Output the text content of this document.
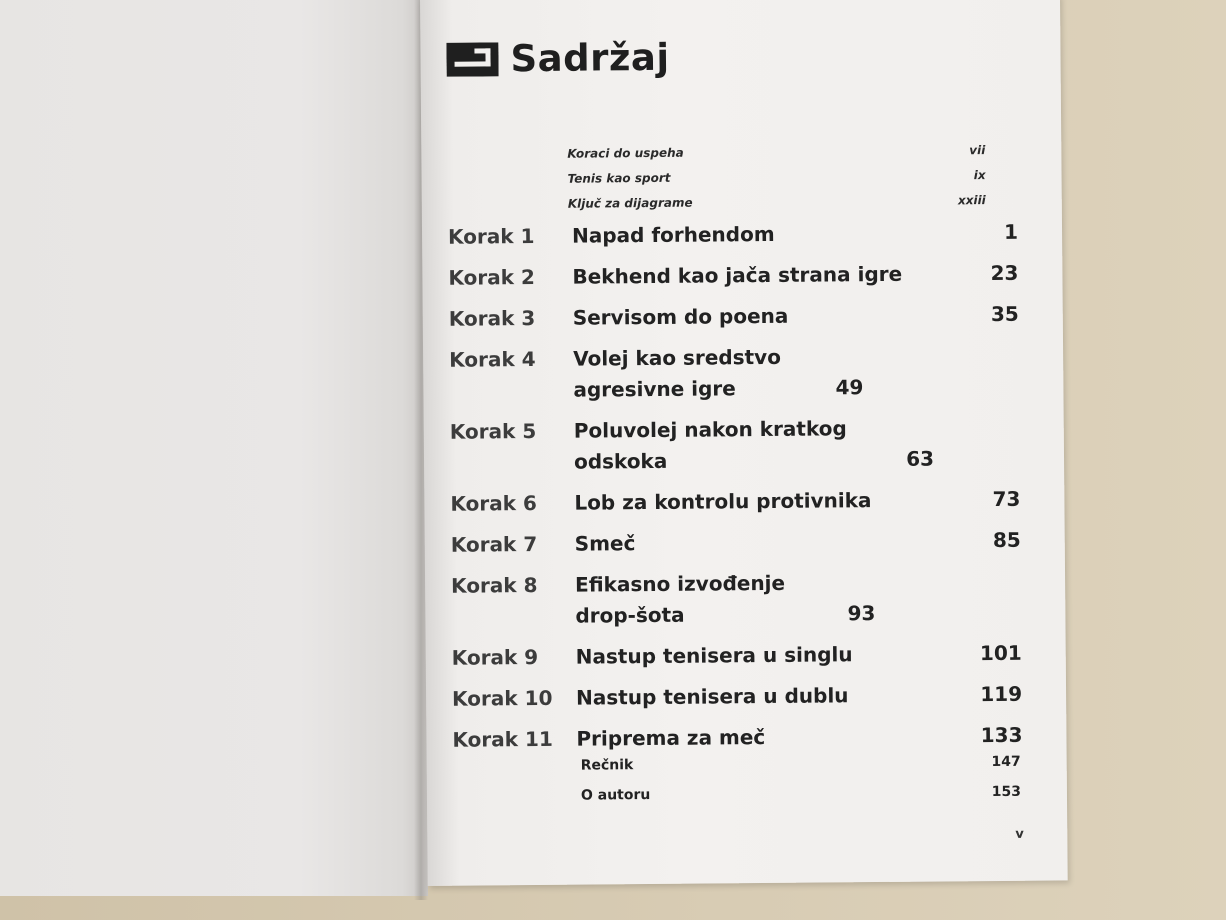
Sadržaj
Koraci do uspeha	vii
Tenis kao sport	ix
Ključ za dijagrame	xxiii
Korak 1	Napad forhendom	1
Korak 2	Bekhend kao jača strana igre	23
Korak 3	Servisom do poena	35
Korak 4	Volej kao sredstvo agresivne igre	49
Korak 5	Poluvolej nakon kratkog odskoka	63
Korak 6	Lob za kontrolu protivnika	73
Korak 7	Smeč	85
Korak 8	Efikasno izvođenje drop-šota	93
Korak 9	Nastup tenisera u singlu	101
Korak 10	Nastup tenisera u dublu	119
Korak 11	Priprema za meč	133
Rečnik	147
O autoru	153
v
